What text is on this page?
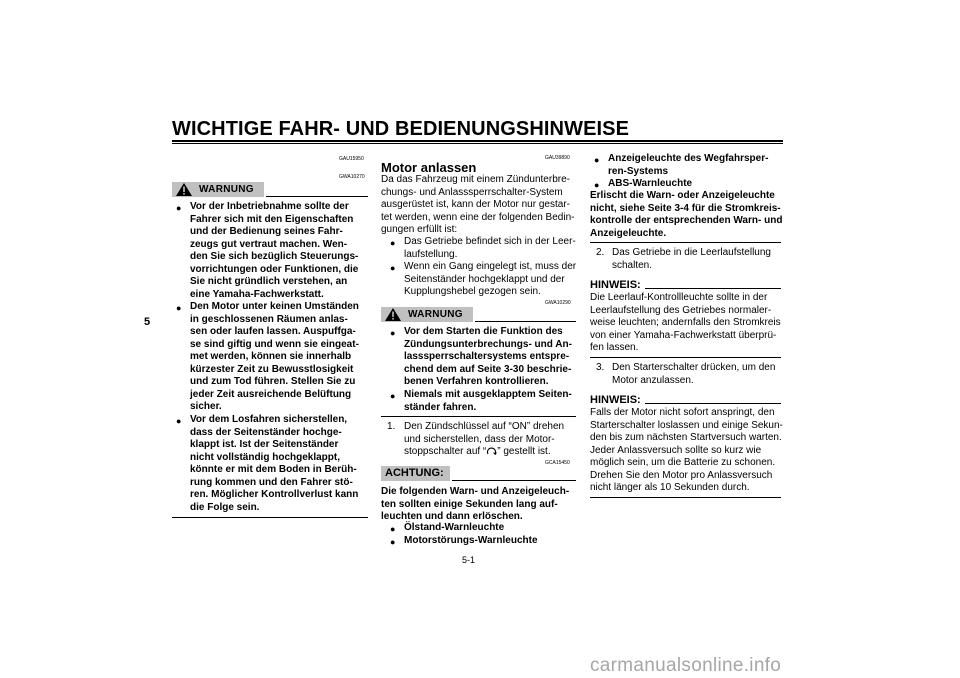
WICHTIGE FAHR- UND BEDIENUNGSHINWEISE
5
5-1
GAU15950
WARNUNG
GWA10270
● Vor der Inbetriebnahme sollte der
Fahrer sich mit den Eigenschaften
und der Bedienung seines Fahr-
zeugs gut vertraut machen. Wen-
den Sie sich bezüglich Steuerungs-
vorrichtungen oder Funktionen, die
Sie nicht gründlich verstehen, an
eine Yamaha-Fachwerkstatt.
● Den Motor unter keinen Umständen
in geschlossenen Räumen anlas-
sen oder laufen lassen. Auspuffga-
se sind giftig und wenn sie eingeat-
met werden, können sie innerhalb
kürzester Zeit zu Bewusstlosigkeit
und zum Tod führen. Stellen Sie zu
jeder Zeit ausreichende Belüftung
sicher.
● Vor dem Losfahren sicherstellen,
dass der Seitenständer hochge-
klappt ist. Ist der Seitenständer
nicht vollständig hochgeklappt,
könnte er mit dem Boden in Berüh-
rung kommen und den Fahrer stö-
ren. Möglicher Kontrollverlust kann
die Folge sein.
GAU39890
Motor anlassen
Da das Fahrzeug mit einem Zündunterbre-
chungs- und Anlasssperrschalter-System
ausgerüstet ist, kann der Motor nur gestar-
tet werden, wenn eine der folgenden Bedin-
gungen erfüllt ist:
● Das Getriebe befindet sich in der Leer-
laufstellung.
● Wenn ein Gang eingelegt ist, muss der
Seitenständer hochgeklappt und der
Kupplungshebel gezogen sein.
GWA10290
WARNUNG
● Vor dem Starten die Funktion des
Zündungsunterbrechungs- und An-
lasssperrschaltersystems entspre-
chend dem auf Seite 3-30 beschrie-
benen Verfahren kontrollieren.
● Niemals mit ausgeklapptem Seiten-
ständer fahren.
1. Den Zündschlüssel auf “ON” drehen
und sicherstellen, dass der Motor-
stoppschalter auf “ ” gestellt ist.
GCA15450
ACHTUNG:
Die folgenden Warn- und Anzeigeleuch-
ten sollten einige Sekunden lang auf-
leuchten und dann erlöschen.
● Ölstand-Warnleuchte
● Motorstörungs-Warnleuchte
● Anzeigeleuchte des Wegfahrsper-
ren-Systems
● ABS-Warnleuchte
Erlischt die Warn- oder Anzeigeleuchte
nicht, siehe Seite 3-4 für die Stromkreis-
kontrolle der entsprechenden Warn- und
Anzeigeleuchte.
2. Das Getriebe in die Leerlaufstellung
schalten.
HINWEIS:
Die Leerlauf-Kontrollleuchte sollte in der
Leerlaufstellung des Getriebes normaler-
weise leuchten; andernfalls den Stromkreis
von einer Yamaha-Fachwerkstatt überprü-
fen lassen.
3. Den Starterschalter drücken, um den
Motor anzulassen.
HINWEIS:
Falls der Motor nicht sofort anspringt, den
Starterschalter loslassen und einige Sekun-
den bis zum nächsten Startversuch warten.
Jeder Anlassversuch sollte so kurz wie
möglich sein, um die Batterie zu schonen.
Drehen Sie den Motor pro Anlassversuch
nicht länger als 10 Sekunden durch.
carmanualsonline.info
